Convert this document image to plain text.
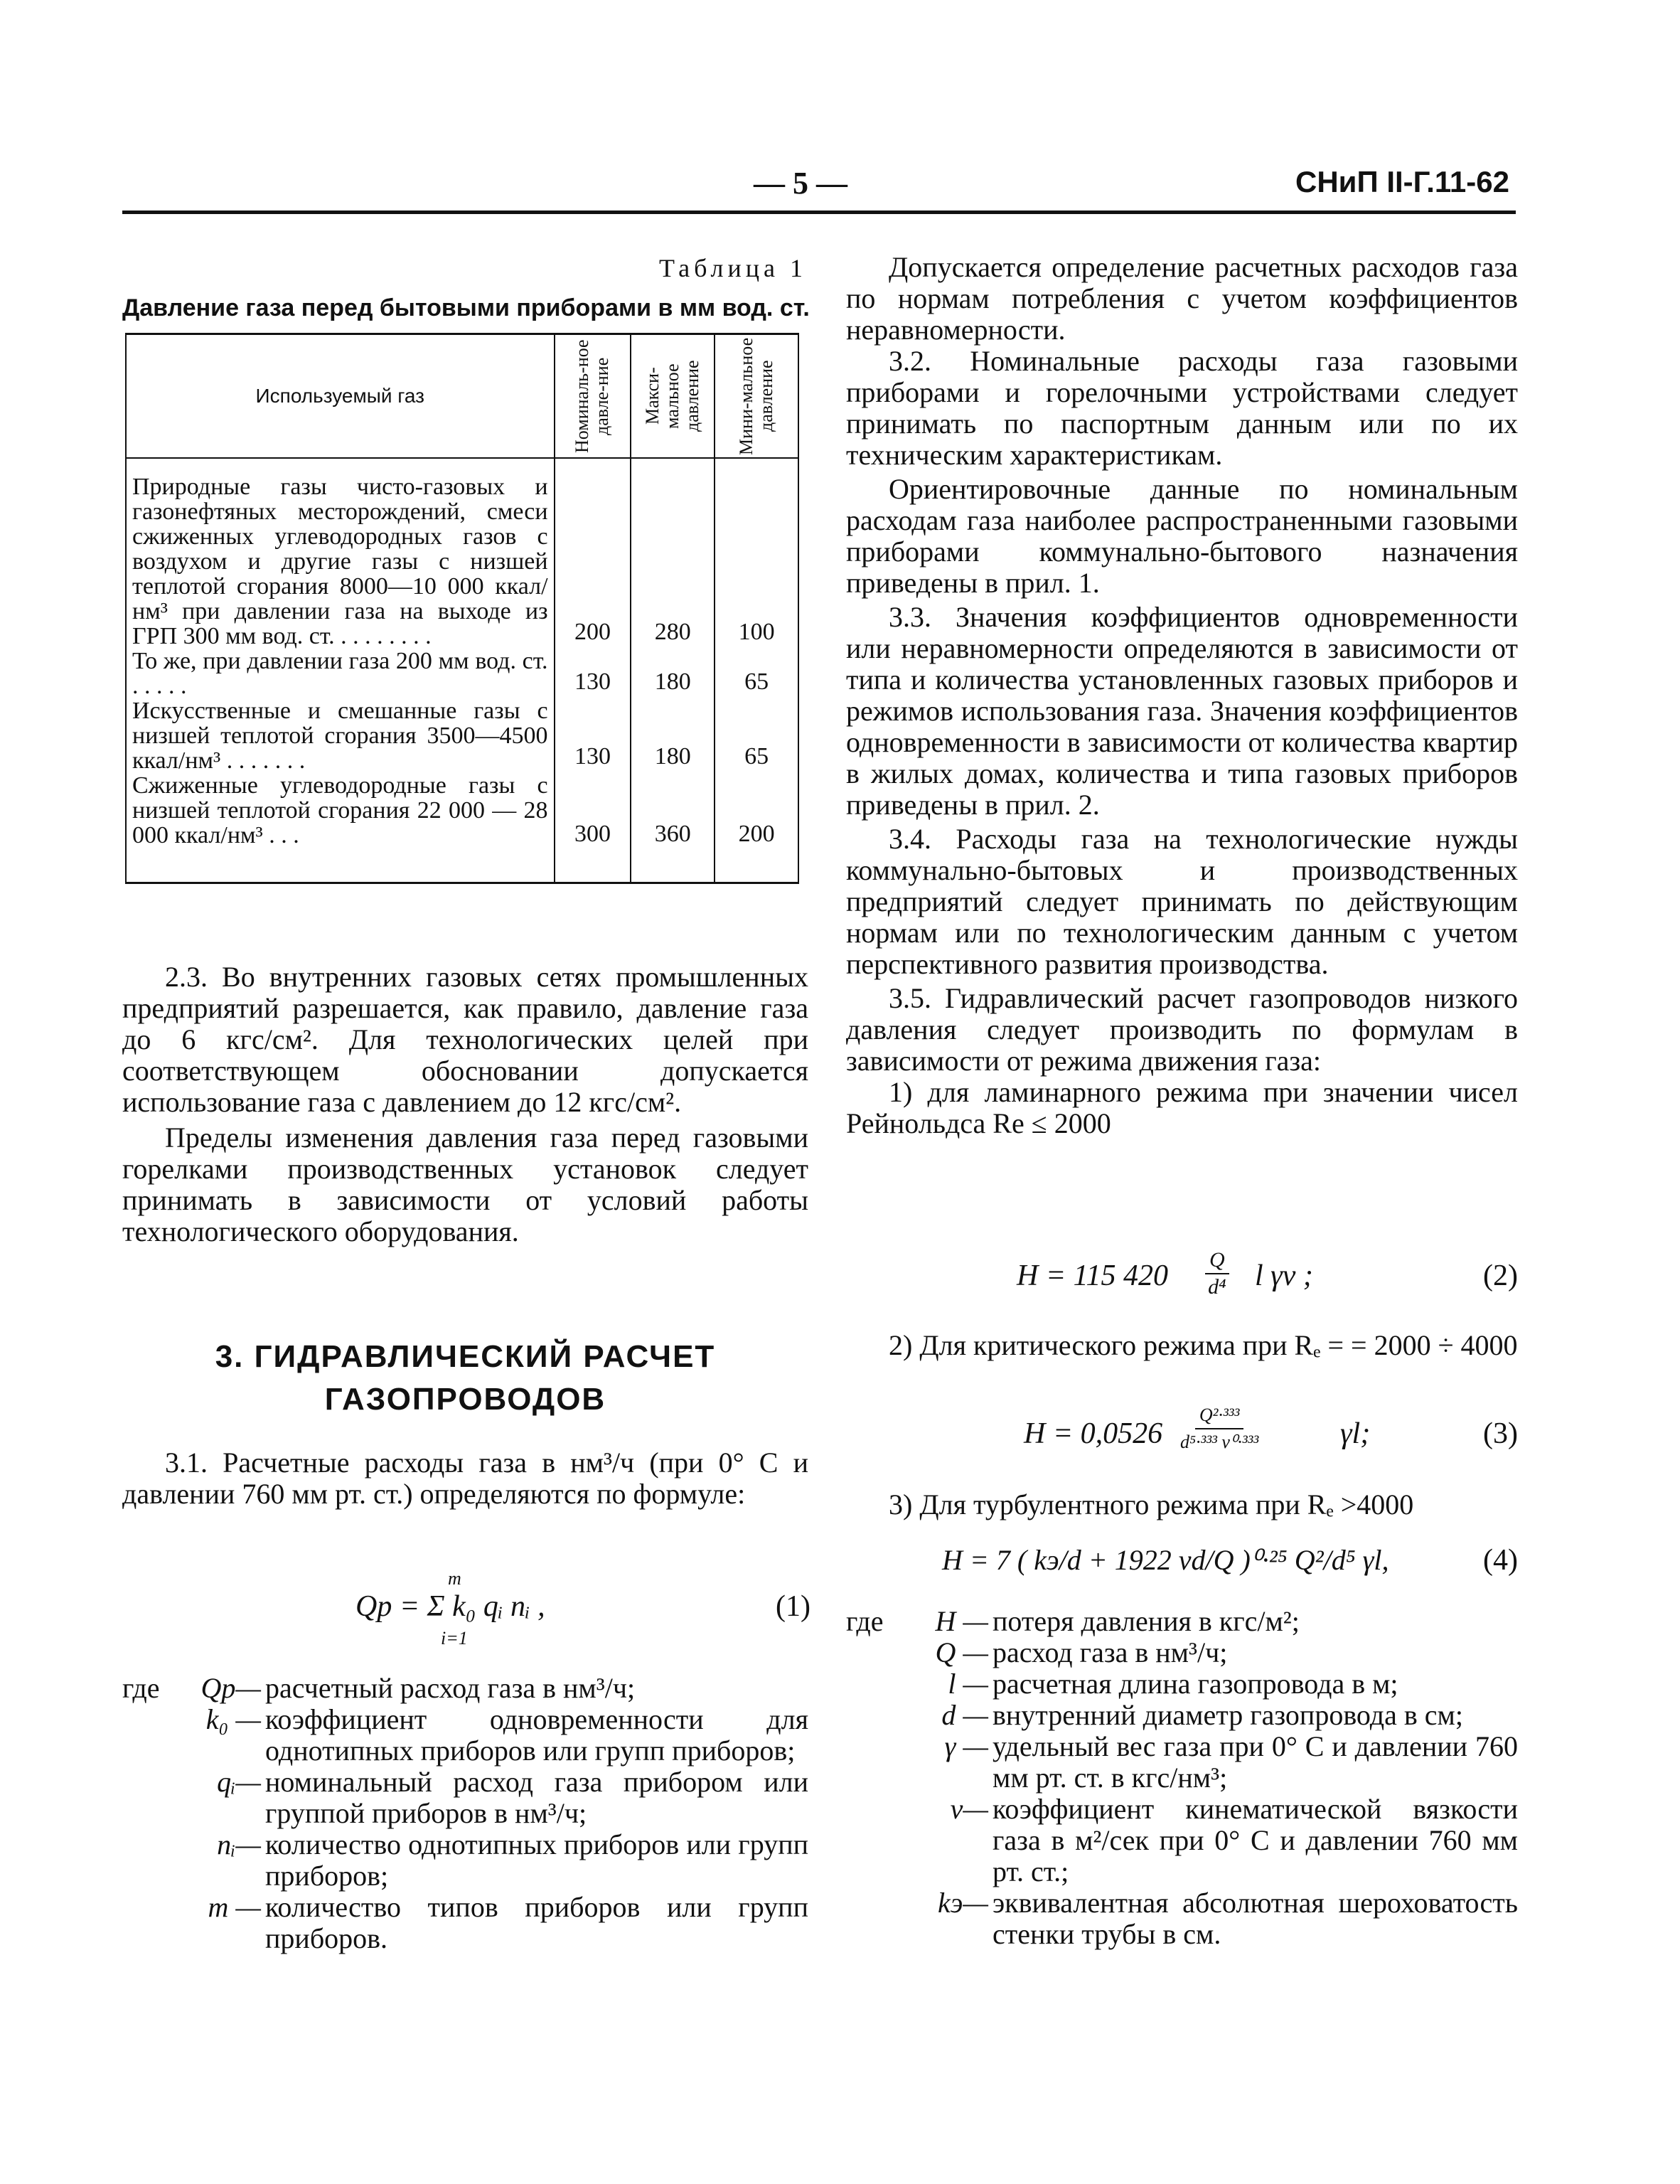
— 5 —	СНиП II-Г.11-62
Таблица 1
Давление газа перед бытовыми приборами в мм вод. ст.
Используемый газ	Номиналь-ное давле-ние	Макси-мальное давление	Мини-мальное давление

Природные газы чисто-газовых и газонефтяных месторождений, смеси сжиженных углеводородных газов с воздухом и другие газы с низшей теплотой сгорания 8000—10 000 ккал/нм³ при давлении газа на выходе из ГРП 300 мм вод. ст. . . . . . . . .	200	280	100
То же, при давлении газа 200 мм вод. ст. . . . . .	130	180	65
Искусственные и смешанные газы с низшей теплотой сгорания 3500—4500 ккал/нм³ . . . . . . .	130	180	65
Сжиженные углеводородные газы с низшей теплотой сгорания 22 000 — 28 000 ккал/нм³ . . .	300	360	200

2.3. Во внутренних газовых сетях промышленных предприятий разрешается, как правило, давление газа до 6 кгс/см². Для технологических целей при соответствующем обосновании допускается использование газа с давлением до 12 кгс/см².

Пределы изменения давления газа перед газовыми горелками производственных установок следует принимать в зависимости от условий работы технологического оборудования.

3. ГИДРАВЛИЧЕСКИЙ РАСЧЕТ
ГАЗОПРОВОДОВ

3.1. Расчетные расходы газа в нм³/ч (при 0° С и давлении 760 мм рт. ст.) определяются по формуле:

Qр = Σ k₀ qᵢ nᵢ ,
m
i=1
(1)
где	Qр— расчетный расход газа в нм³/ч;
k₀ — коэффициент одновременности для однотипных приборов или групп приборов;
qᵢ— номинальный расход газа прибором или группой приборов в нм³/ч;
nᵢ— количество однотипных приборов или групп приборов;
m — количество типов приборов или групп приборов.

Допускается определение расчетных расходов газа по нормам потребления с учетом коэффициентов неравномерности.

3.2. Номинальные расходы газа газовыми приборами и горелочными устройствами следует принимать по паспортным данным или по их техническим характеристикам.

Ориентировочные данные по номинальным расходам газа наиболее распространенными газовыми приборами коммунально-бытового назначения приведены в прил. 1.

3.3. Значения коэффициентов одновременности или неравномерности определяются в зависимости от типа и количества установленных газовых приборов и режимов использования газа. Значения коэффициентов одновременности в зависимости от количества квартир в жилых домах, количества и типа газовых приборов приведены в прил. 2.

3.4. Расходы газа на технологические нужды коммунально-бытовых и производственных предприятий следует принимать по действующим нормам или по технологическим данным с учетом перспективного развития производства.

3.5. Гидравлический расчет газопроводов низкого давления следует производить по формулам в зависимости от режима движения газа:

1) для ламинарного режима при значении чисел Рейнольдса Re ≤ 2000

H = 115 $420 \frac{Q}{\text{d⁴}}$ l γν ;	(2)

2) Для критического режима при Rₑ = = 2000 ÷ 4000

$H = 0,0526 \frac{\text{Q²·³³³}}{\text{d⁵·³³³ ν⁰·³³³}}$	γl;	(3)

3) Для турбулентного режима при Rₑ >4000

H = 7 ( kэ/d + 1922 νd/Q )⁰·²⁵ Q²/d⁵ γl,	(4)
где	H — потеря давления в кгс/м²;
Q — расход газа в нм³/ч;
l — расчетная длина газопровода в м;
d — внутренний диаметр газопровода в см;
γ — удельный вес газа при 0° С и давлении 760 мм рт. ст. в кгс/нм³;
ν— коэффициент кинематической вязкости газа в м²/сек при 0° С и давлении 760 мм рт. ст.;
kэ— эквивалентная абсолютная шероховатость стенки трубы в см.
